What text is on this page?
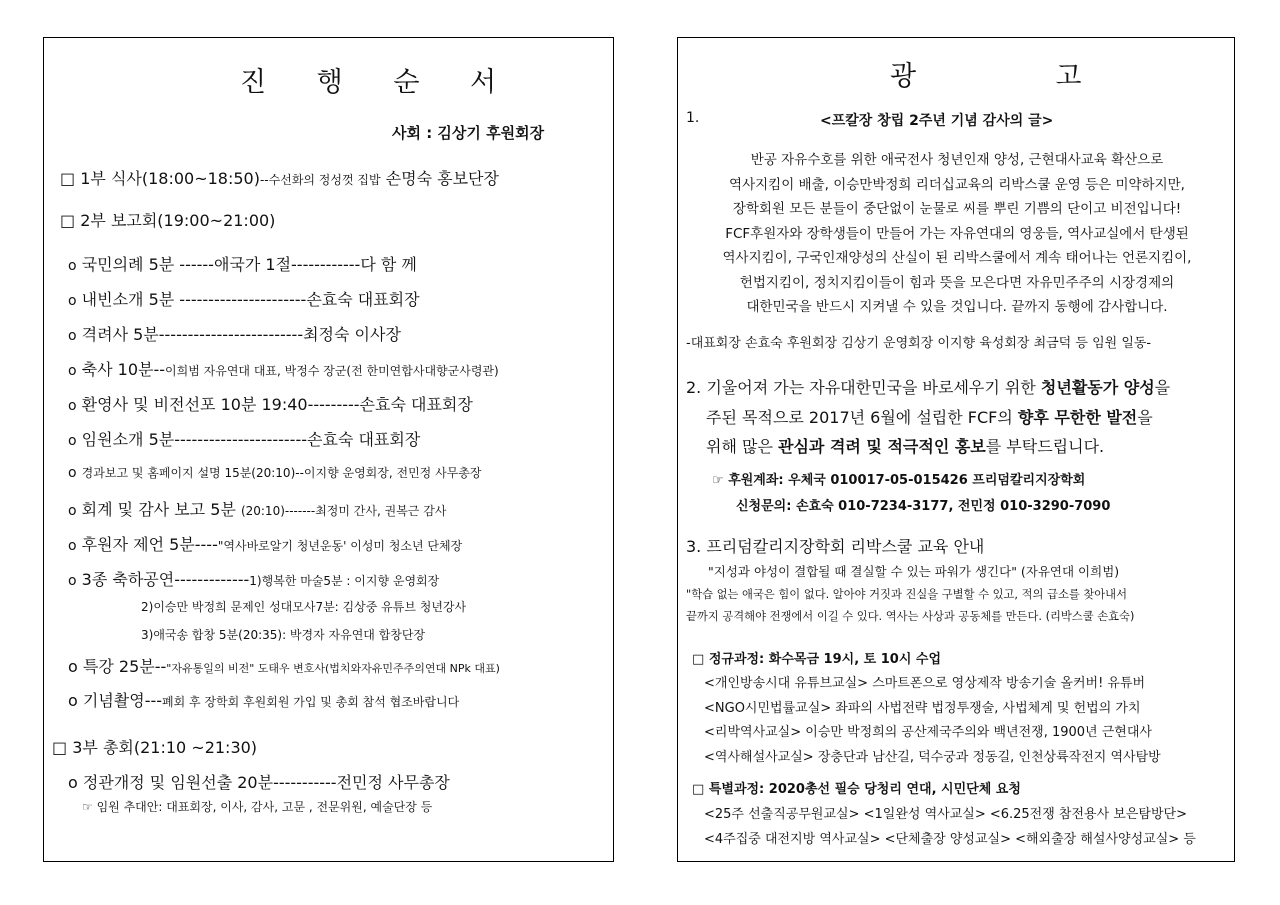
진 행 순 서
사회 : 김상기 후원회장
□ 1부 식사(18:00~18:50)--수선화의 정성껏 집밥 손명숙 홍보단장
□ 2부 보고회(19:00~21:00)
2)이승만 박정희 문제인 성대모사7분: 김상중 유튜브 청년강사
3)애국송 합창 5분(20:35): 박경자 자유연대 합창단장
o 특강 25분--"자유통일의 비전" 도태우 변호사(법치와자유민주주의연대 NPk 대표)
o 기념촬영---폐회 후 장학회 후원회원 가입 및 총회 참석 협조바랍니다
□ 3부 총회(21:10 ~21:30)
o 정관개정 및 임원선출 20분-----------전민정 사무총장
☞ 임원 추대안: 대표회장, 이사, 감사, 고문 , 전문위원, 예술단장 등
o 국민의례 5분 ------애국가 1절------------다 함 께
o 내빈소개 5분 ----------------------손효숙 대표회장
o 격려사 5분-------------------------최정숙 이사장
o 축사 10분--이희범 자유연대 대표, 박정수 장군(전 한미연합사대향군사령관)
o 환영사 및 비전선포 10분 19:40---------손효숙 대표회장
o 임원소개 5분-----------------------손효숙 대표회장
o 경과보고 및 홈페이지 설명 15분(20:10)--이지향 운영회장, 전민정 사무총장
o 회계 및 감사 보고 5분 (20:10)-------최정미 간사, 권복근 감사
o 후원자 제언 5분----"역사바로알기 청년운동' 이성미 청소년 단체장
o 3종 축하공연-------------1)행복한 마술5분 : 이지향 운영회장
광    고
1.	<프칼장 창립 2주년 기념 감사의 글>
-대표회장 손효숙 후원회장 김상기 운영회장 이지향 육성회장 최금덕 등 임원 일동-
2. 기울어져 가는 자유대한민국을 바로세우기 위한 청년활동가 양성을
주된 목적으로 2017년 6월에 설립한 FCF의 향후 무한한 발전을
위해 많은 관심과 격려 및 적극적인 홍보를 부탁드립니다.
☞ 후원계좌: 우체국 010017-05-015426 프리덤칼리지장학회
신청문의: 손효숙 010-7234-3177, 전민정 010-3290-7090
3. 프리덤칼리지장학회 리박스쿨 교육 안내
"지성과 야성이 결합될 때 결실할 수 있는 파워가 생긴다" (자유연대 이희범)
"학습 없는 애국은 힘이 없다. 알아야 거짓과 진실을 구별할 수 있고, 적의 급소를 찾아내서
끝까지 공격해야 전쟁에서 이길 수 있다. 역사는 사상과 공동체를 만든다. (리박스쿨 손효숙)
□ 정규과정: 화수목금 19시, 토 10시 수업
□ 특별과정: 2020총선 필승 당청리 연대, 시민단체 요청
반공 자유수호를 위한 애국전사 청년인재 양성, 근현대사교육 확산으로
역사지킴이 배출, 이승만박정희 리더십교육의 리박스쿨 운영 등은 미약하지만,
장학회원 모든 분들이 중단없이 눈물로 씨를 뿌린 기쁨의 단이고 비전입니다!
FCF후원자와 장학생들이 만들어 가는 자유연대의 영웅들, 역사교실에서 탄생된
역사지킴이, 구국인재양성의 산실이 된 리박스쿨에서 계속 태어나는 언론지킴이,
헌법지킴이, 정치지킴이들이 힘과 뜻을 모은다면 자유민주주의 시장경제의
대한민국을 반드시 지켜낼 수 있을 것입니다. 끝까지 동행에 감사합니다.
<개인방송시대 유튜브교실> 스마트폰으로 영상제작 방송기술 올커버! 유튜버
<NGO시민법률교실> 좌파의 사법전략 법정투쟁술, 사법체계 및 헌법의 가치
<리박역사교실> 이승만 박정희의 공산제국주의와 백년전쟁, 1900년 근현대사
<역사해설사교실> 장충단과 남산길, 덕수궁과 정동길, 인천상륙작전지 역사탐방
<25주 선출직공무원교실> <1일완성 역사교실> <6.25전쟁 참전용사 보은탐방단>
<4주집중 대전지방 역사교실> <단체출장 양성교실> <해외출장 해설사양성교실> 등
